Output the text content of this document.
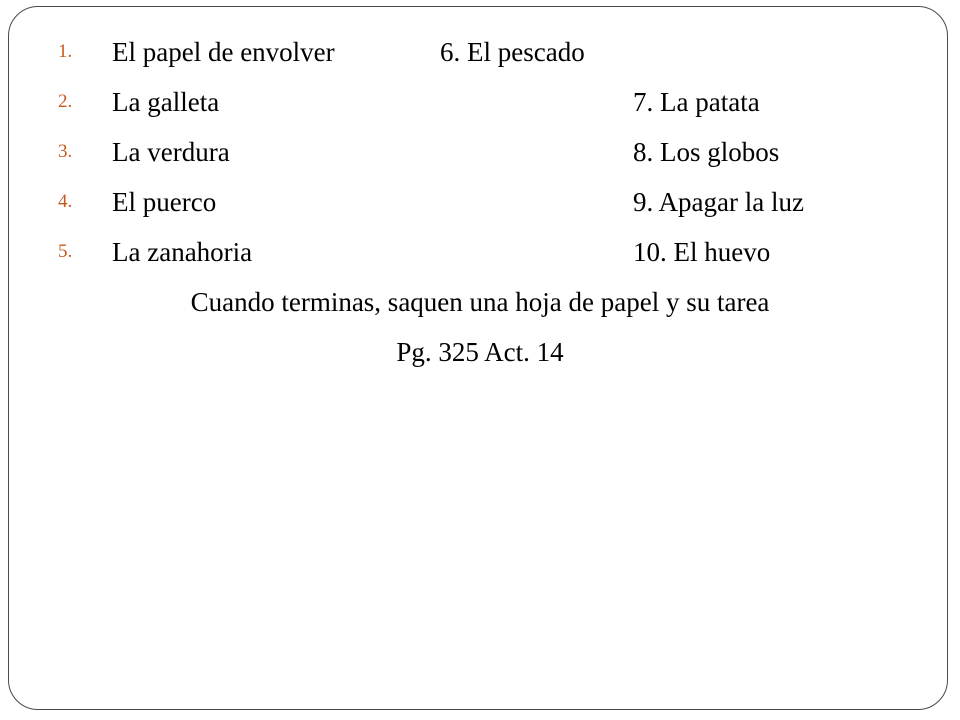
1. El papel de envolver	6. El pescado
2. La galleta	7. La patata
3. La verdura	8. Los globos
4. El puerco	9. Apagar la luz
5. La zanahoria	10. El huevo
Cuando terminas, saquen una hoja de papel y su tarea
Pg. 325 Act. 14
